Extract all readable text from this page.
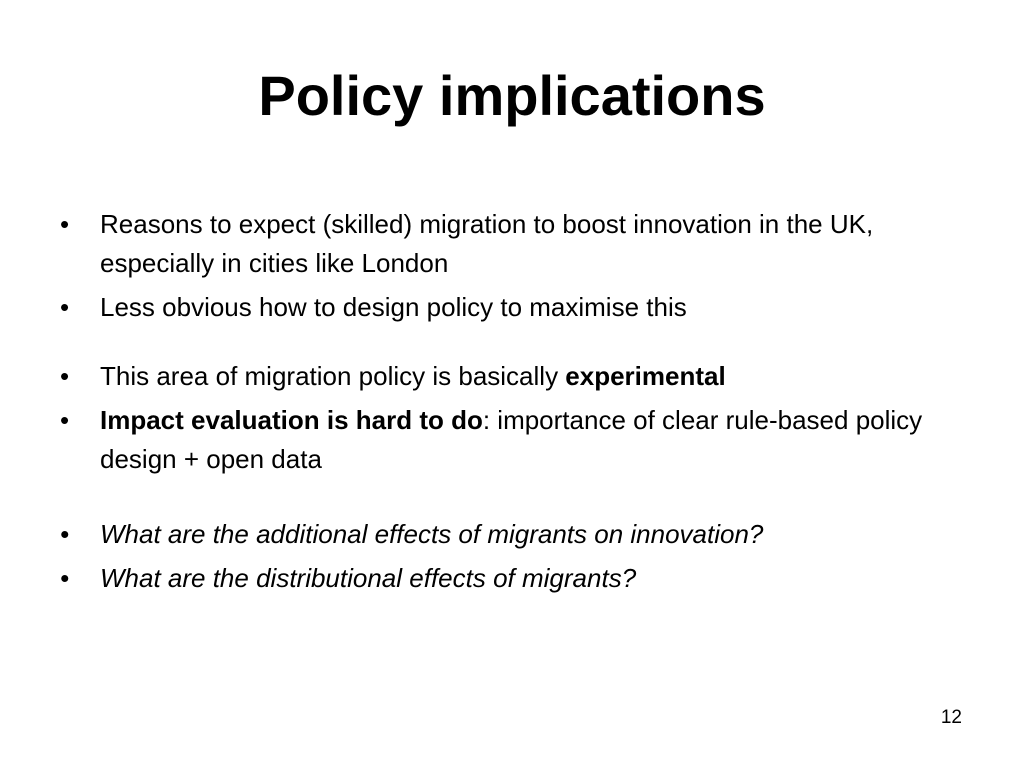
Policy implications
•	Reasons to expect (skilled) migration to boost innovation in the UK, especially in cities like London
•	Less obvious how to design policy to maximise this
•	This area of migration policy is basically experimental
•	Impact evaluation is hard to do: importance of clear rule-based policy design + open data
•	What are the additional effects of migrants on innovation?
•	What are the distributional effects of migrants?
12
